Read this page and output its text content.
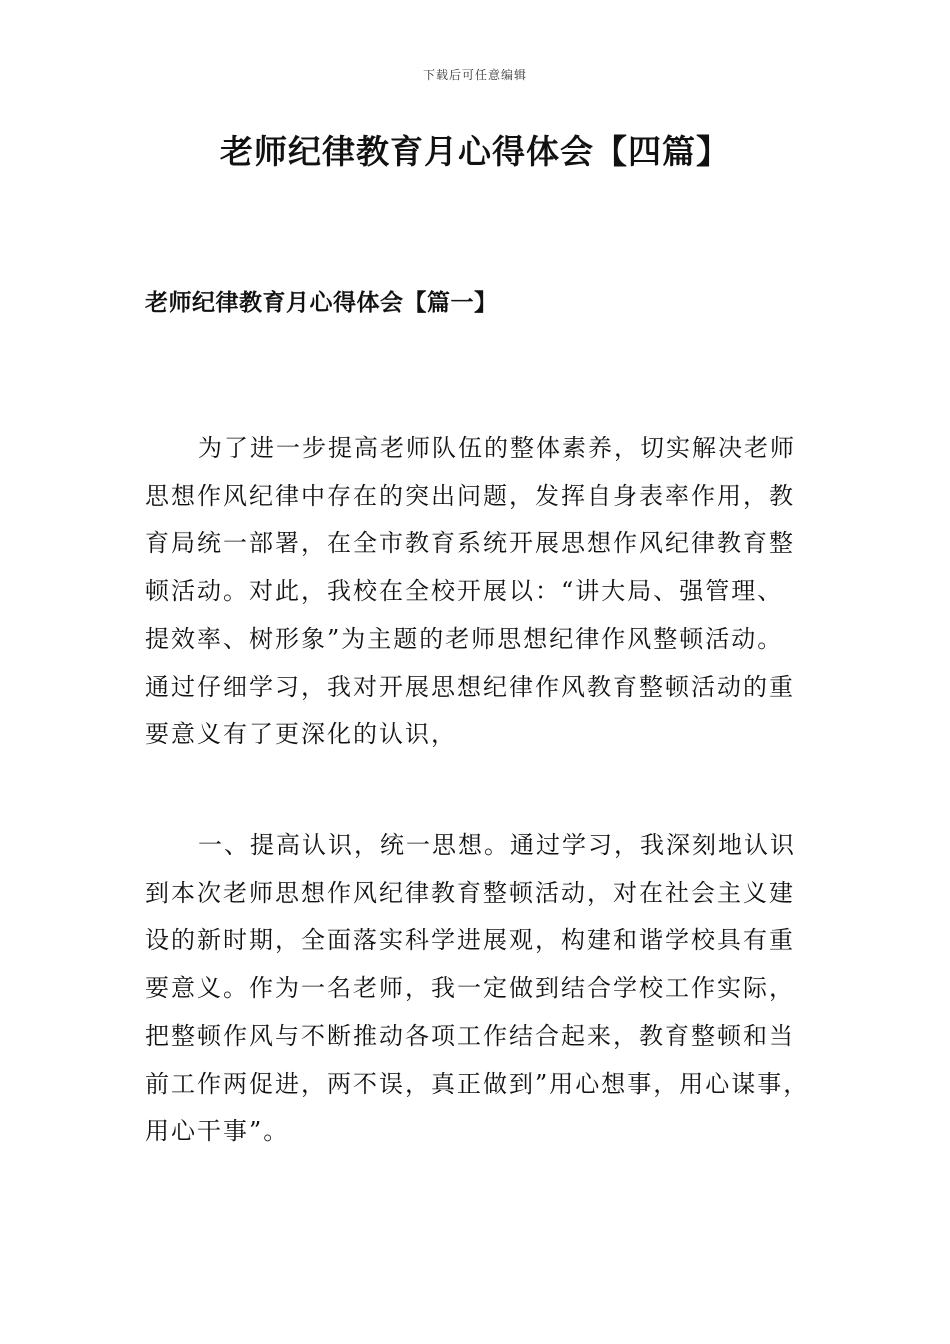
下载后可任意编辑
老师纪律教育月心得体会【四篇】
老师纪律教育月心得体会【篇一】
为了进一步提高老师队伍的整体素养，切实解决老师
思想作风纪律中存在的突出问题，发挥自身表率作用，教
育局统一部署，在全市教育系统开展思想作风纪律教育整
顿活动。对此，我校在全校开展以：“讲大局、强管理、
提效率、树形象”为主题的老师思想纪律作风整顿活动。
通过仔细学习，我对开展思想纪律作风教育整顿活动的重
要意义有了更深化的认识，
一、提高认识，统一思想。通过学习，我深刻地认识
到本次老师思想作风纪律教育整顿活动，对在社会主义建
设的新时期，全面落实科学进展观，构建和谐学校具有重
要意义。作为一名老师，我一定做到结合学校工作实际，
把整顿作风与不断推动各项工作结合起来，教育整顿和当
前工作两促进，两不误，真正做到”用心想事，用心谋事，
用心干事”。
